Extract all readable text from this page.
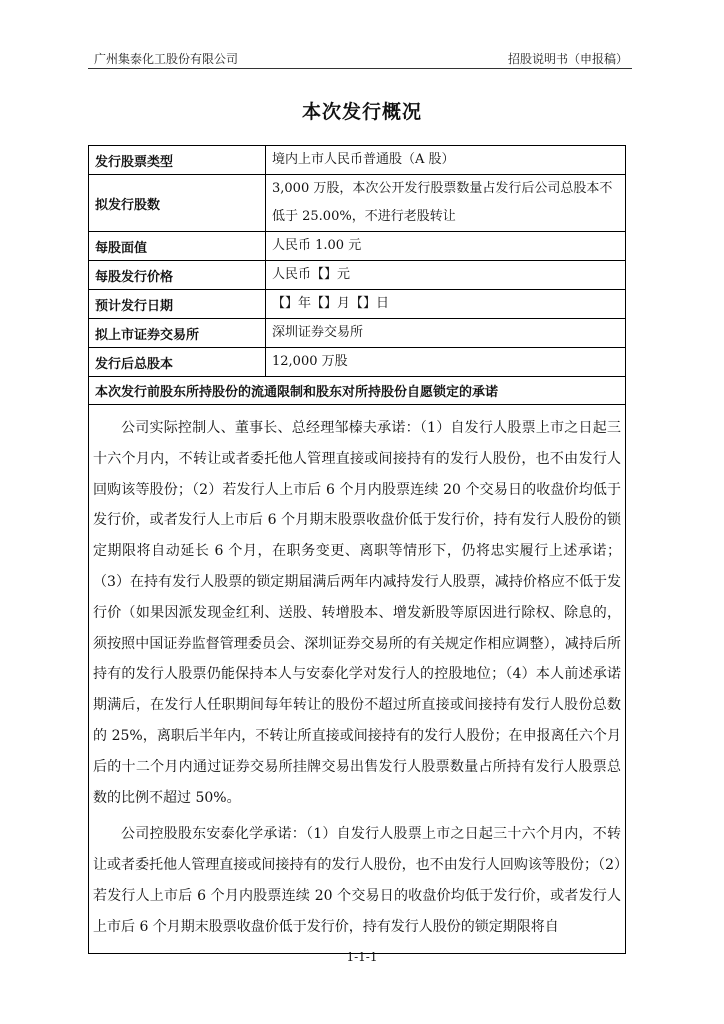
广州集泰化工股份有限公司	招股说明书（申报稿）
本次发行概况
发行股票类型	境内上市人民币普通股（A 股）
拟发行股数	3,000 万股，本次公开发行股票数量占发行后公司总股本不低于 25.00%，不进行老股转让
每股面值	人民币 1.00 元
每股发行价格	人民币【】元
预计发行日期	【】年【】月【】日
拟上市证券交易所	深圳证券交易所
发行后总股本	12,000 万股
本次发行前股东所持股份的流通限制和股东对所持股份自愿锁定的承诺	

公司实际控制人、董事长、总经理邹榛夫承诺：（1）自发行人股票上市之日起三十六个月内，不转让或者委托他人管理直接或间接持有的发行人股份，也不由发行人回购该等股份；（2）若发行人上市后 6 个月内股票连续 20 个交易日的收盘价均低于发行价，或者发行人上市后 6 个月期末股票收盘价低于发行价，持有发行人股份的锁定期限将自动延长 6 个月，在职务变更、离职等情形下，仍将忠实履行上述承诺；（3）在持有发行人股票的锁定期届满后两年内减持发行人股票，减持价格应不低于发行价（如果因派发现金红利、送股、转增股本、增发新股等原因进行除权、除息的，须按照中国证券监督管理委员会、深圳证券交易所的有关规定作相应调整），减持后所持有的发行人股票仍能保持本人与安泰化学对发行人的控股地位；（4）本人前述承诺期满后，在发行人任职期间每年转让的股份不超过所直接或间接持有发行人股份总数的 25%，离职后半年内，不转让所直接或间接持有的发行人股份；在申报离任六个月后的十二个月内通过证券交易所挂牌交易出售发行人股票数量占所持有发行人股票总数的比例不超过 50%。

公司控股股东安泰化学承诺：（1）自发行人股票上市之日起三十六个月内，不转让或者委托他人管理直接或间接持有的发行人股份，也不由发行人回购该等股份；（2）若发行人上市后 6 个月内股票连续 20 个交易日的收盘价均低于发行价，或者发行人上市后 6 个月期末股票收盘价低于发行价，持有发行人股份的锁定期限将自	

1-1-1
